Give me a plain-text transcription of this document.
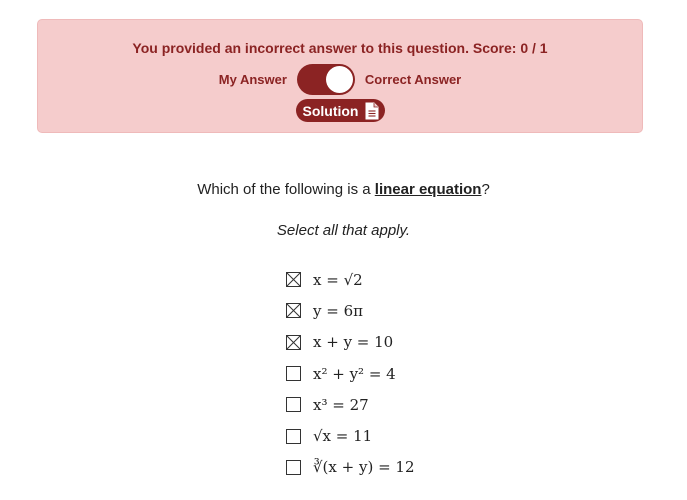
You provided an incorrect answer to this question. Score: 0 / 1
My Answer	Correct Answer
Solution
Which of the following is a linear equation?
Select all that apply.
x = √2
y = 6π
x + y = 10
x² + y² = 4
x³ = 27
√x = 11
∛(x + y) = 12
